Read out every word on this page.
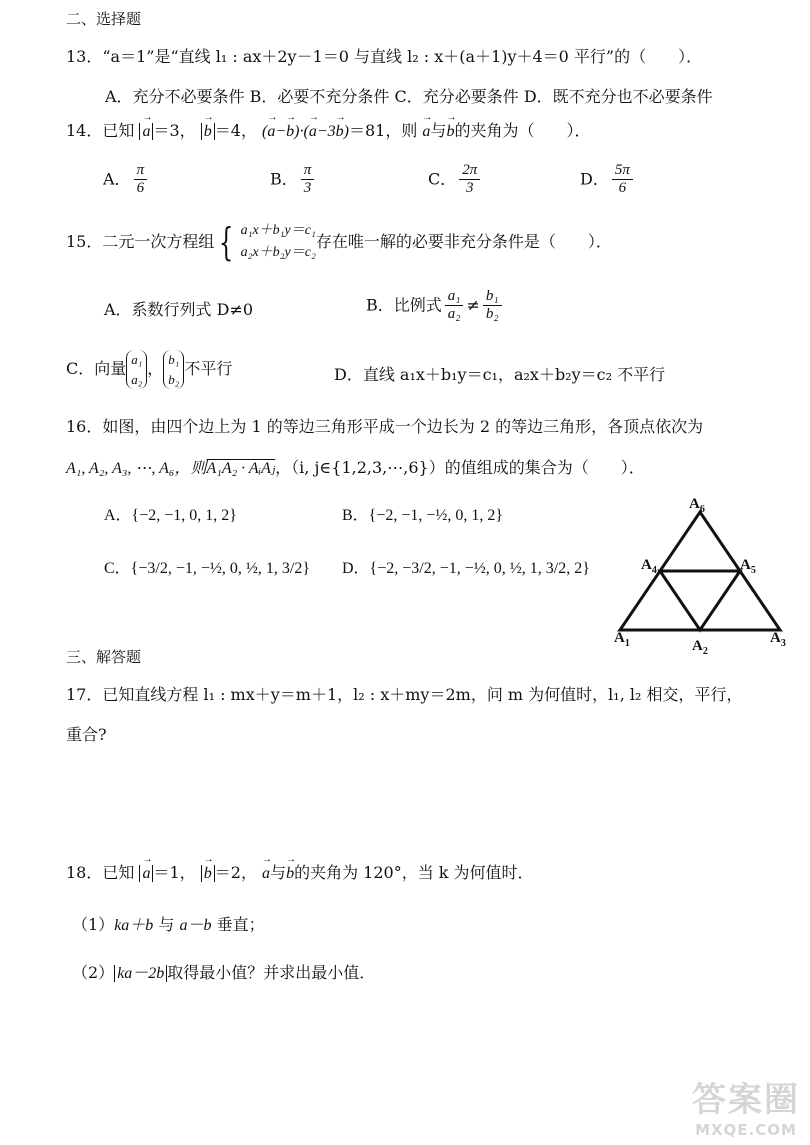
二、选择题
13．“a＝1”是“直线 l₁ : ax＋2y－1＝0 与直线 l₂ : x＋(a＋1)y＋4＝0 平行”的（　　）．
A．充分不必要条件 B．必要不充分条件 C．充分必要条件 D．既不充分也不必要条件
14．已知 → a ＝3， → b ＝4， (→ a−→ b)·(→ a−3→ b)＝81，则 → a与→ b的夹角为（　　）．
A． $\frac{\pi}{6}$	B． $\frac{\pi}{3}$	C． $\frac{2\pi}{3}$	D． $\frac{5\pi}{6}$
15．二元一次方程组 { a₁x＋b₁y＝c₁
a₂x＋b₂y＝c₂
存在唯一解的必要非充分条件是（　　）．
A．系数行列式 D≠0	B．比例式 $\frac{\text{a₁}}{\text{a₂}} \ne \frac{\text{b₁}}{\text{b₂}}$
C．向量 a₁
a₂
， b₁
b₂
不平行	D．直线 a₁x＋b₁y＝c₁，a₂x＋b₂y＝c₂ 不平行
16．如图，由四个边上为 1 的等边三角形平成一个边长为 2 的等边三角形，各顶点依次为
A₁, A₂, A₃, ⋯, A₆，则A₁A₂ · AᵢAⱼ，（i, j∈{1,2,3,⋯,6}）的值组成的集合为（　　）．
A．{−2, −1, 0, 1, 2}	B．{−2, −1, −½, 0, 1, 2}
C．{−3/2, −1, −½, 0, ½, 1, 3/2} D．{−2, −3/2, −1, −½, 0, ½, 1, 3/2, 2}
$A_1$	$A_2$
$A_3$
$A_4$	$A_5$
$A_6$
三、解答题
17．已知直线方程 l₁ : mx＋y＝m＋1，l₂ : x＋my＝2m，问 m 为何值时，l₁, l₂ 相交，平行，
重合?
18．已知 → a ＝1， → b ＝2， → a与→ b的夹角为 120°，当 k 为何值时．
（1）ka＋b 与 a－b 垂直；
（2） ka－2b 取得最小值？并求出最小值．
答案圈
MXQE.COM
